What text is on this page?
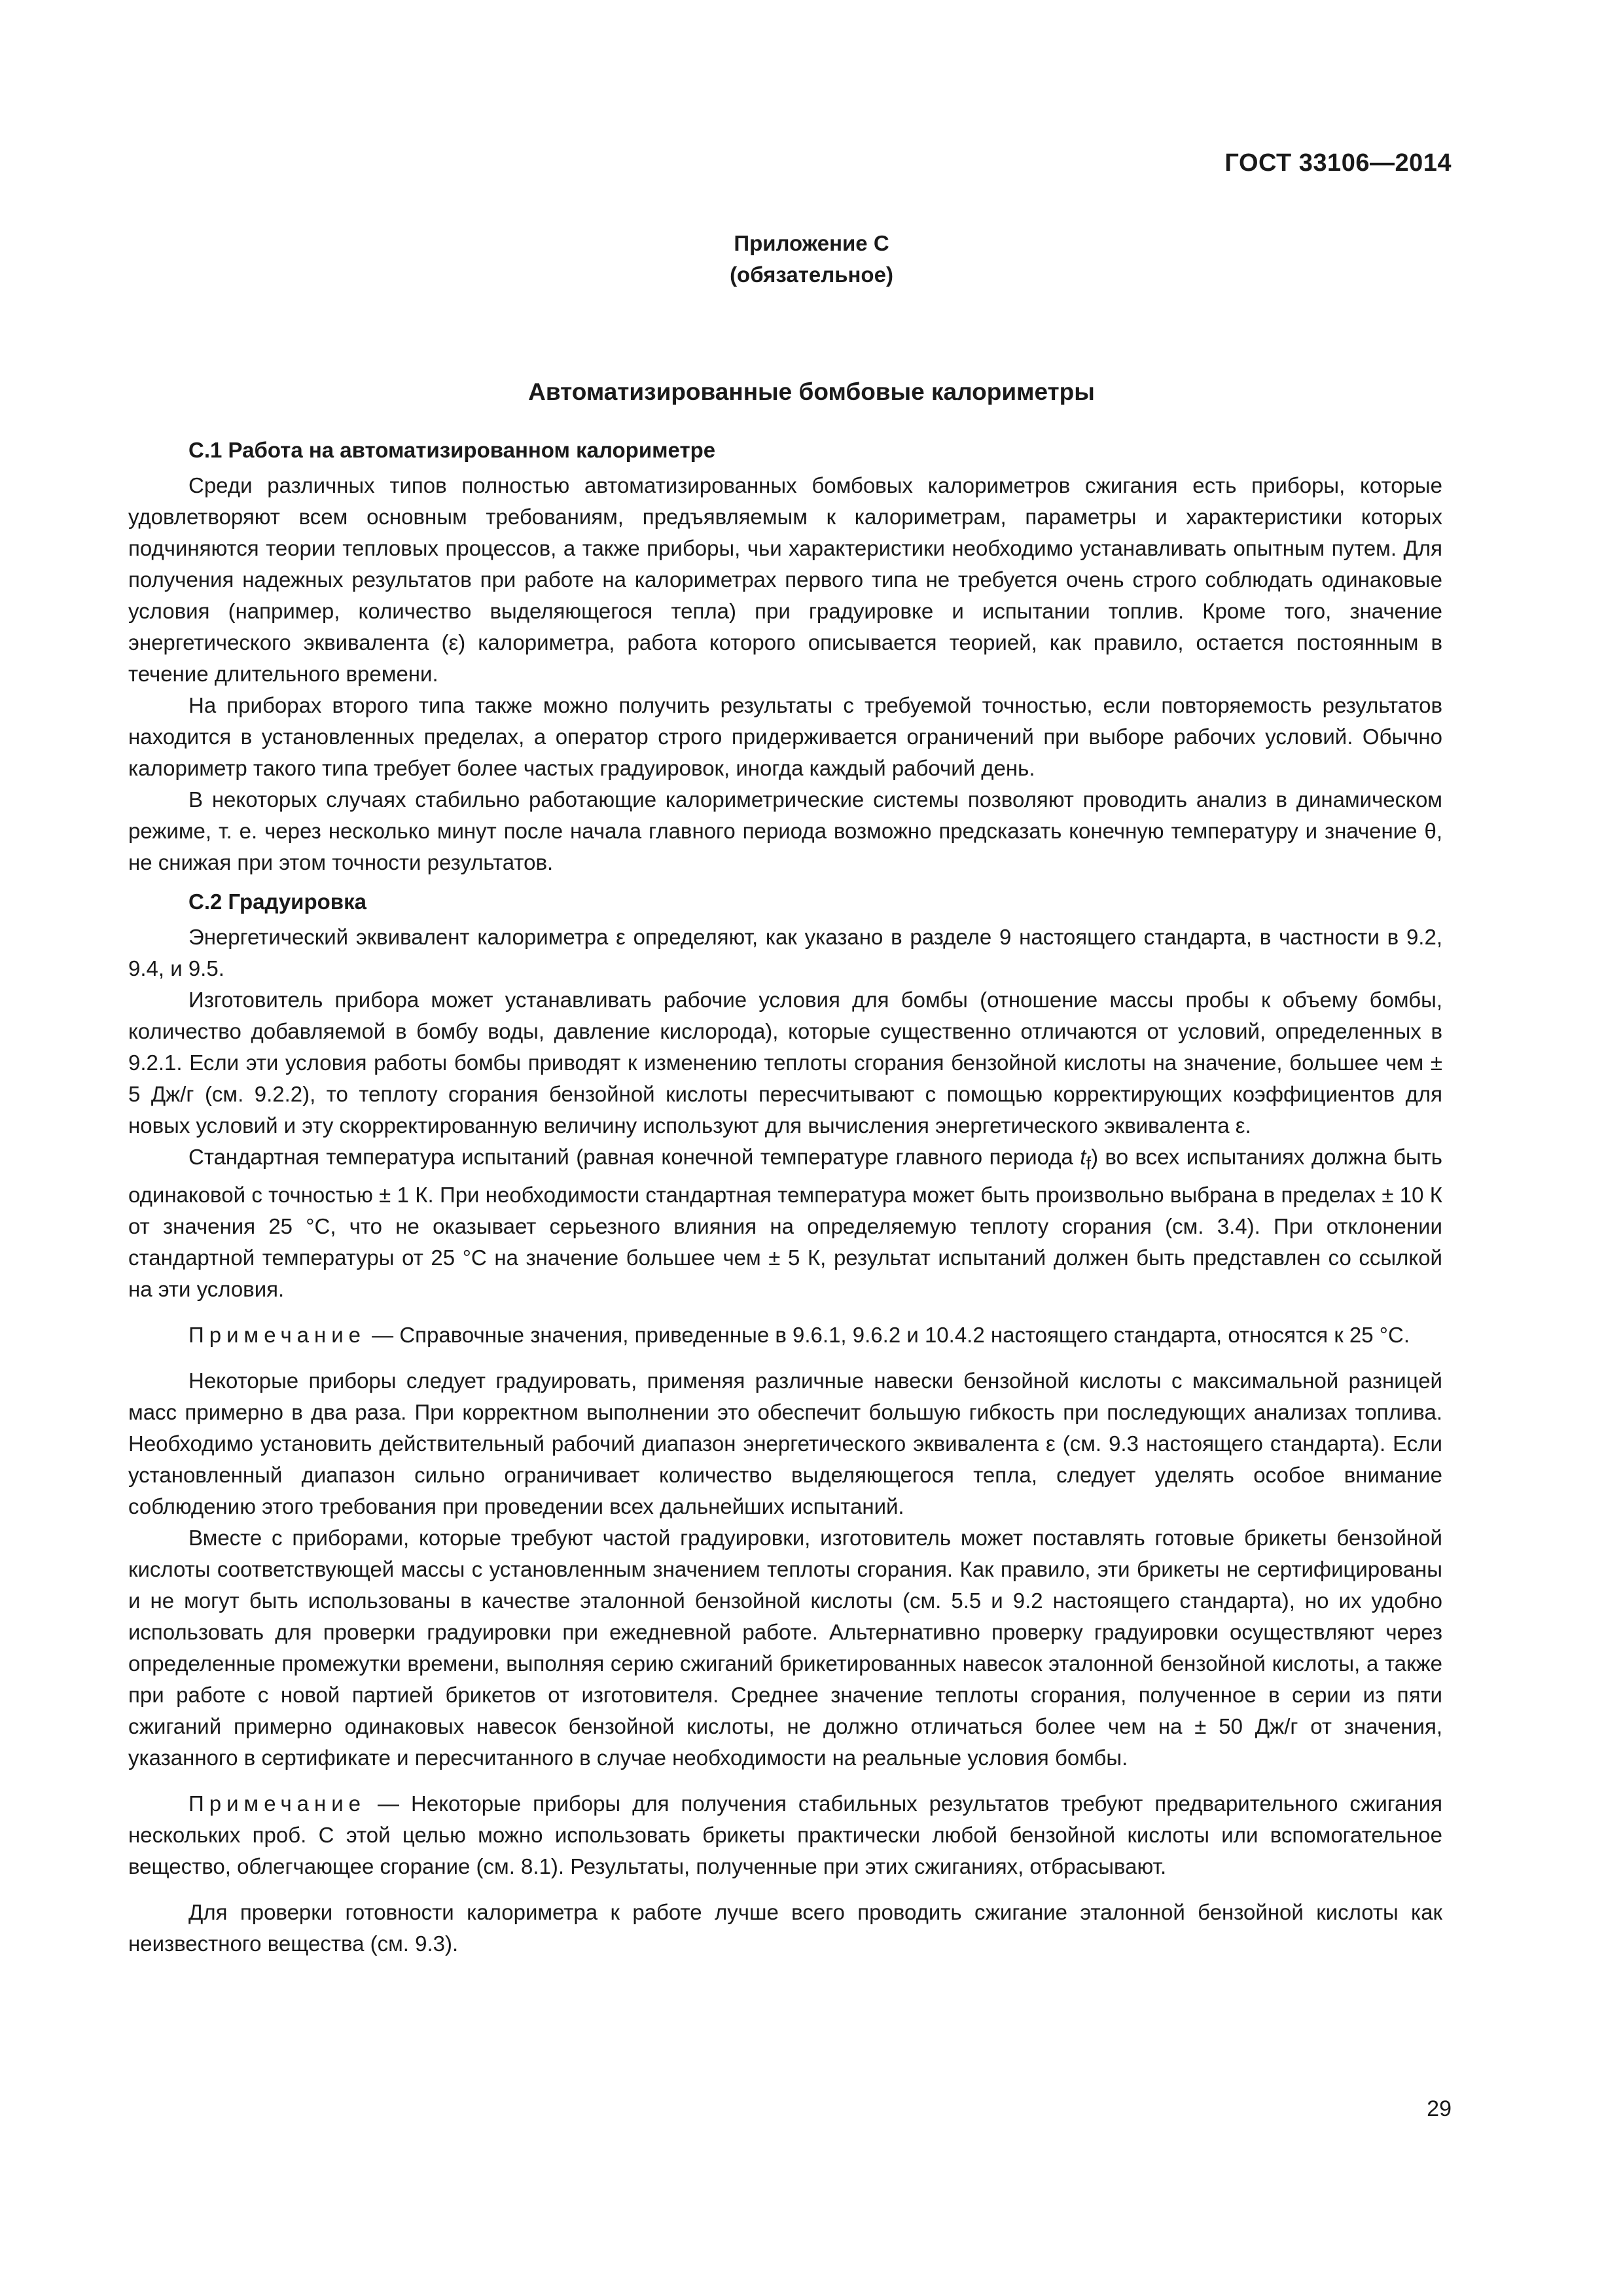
ГОСТ 33106—2014
Приложение С
(обязательное)
Автоматизированные бомбовые калориметры

С.1 Работа на автоматизированном калориметре

Среди различных типов полностью автоматизированных бомбовых калориметров сжигания есть приборы, которые удовлетворяют всем основным требованиям, предъявляемым к калориметрам, параметры и характеристики которых подчиняются теории тепловых процессов, а также приборы, чьи характеристики необходимо устанавливать опытным путем. Для получения надежных результатов при работе на калориметрах первого типа не требуется очень строго соблюдать одинаковые условия (например, количество выделяющегося тепла) при градуировке и испытании топлив. Кроме того, значение энергетического эквивалента (ε) калориметра, работа которого описывается теорией, как правило, остается постоянным в течение длительного времени.

На приборах второго типа также можно получить результаты с требуемой точностью, если повторяемость результатов находится в установленных пределах, а оператор строго придерживается ограничений при выборе рабочих условий. Обычно калориметр такого типа требует более частых градуировок, иногда каждый рабочий день.

В некоторых случаях стабильно работающие калориметрические системы позволяют проводить анализ в динамическом режиме, т. е. через несколько минут после начала главного периода возможно предсказать конечную температуру и значение θ, не снижая при этом точности результатов.

С.2 Градуировка

Энергетический эквивалент калориметра ε определяют, как указано в разделе 9 настоящего стандарта, в частности в 9.2, 9.4, и 9.5.

Изготовитель прибора может устанавливать рабочие условия для бомбы (отношение массы пробы к объему бомбы, количество добавляемой в бомбу воды, давление кислорода), которые существенно отличаются от условий, определенных в 9.2.1. Если эти условия работы бомбы приводят к изменению теплоты сгорания бензойной кислоты на значение, большее чем ± 5 Дж/г (см. 9.2.2), то теплоту сгорания бензойной кислоты пересчитывают с помощью корректирующих коэффициентов для новых условий и эту скорректированную величину используют для вычисления энергетического эквивалента ε.

Стандартная температура испытаний (равная конечной температуре главного периода $t_f$) во всех испытаниях должна быть одинаковой с точностью ± 1 К. При необходимости стандартная температура может быть произвольно выбрана в пределах ± 10 К от значения 25 °С, что не оказывает серьезного влияния на определяемую теплоту сгорания (см. 3.4). При отклонении стандартной температуры от 25 °С на значение большее чем ± 5 К, результат испытаний должен быть представлен со ссылкой на эти условия.

Примечание — Справочные значения, приведенные в 9.6.1, 9.6.2 и 10.4.2 настоящего стандарта, относятся к 25 °С.

Некоторые приборы следует градуировать, применяя различные навески бензойной кислоты с максимальной разницей масс примерно в два раза. При корректном выполнении это обеспечит большую гибкость при последующих анализах топлива. Необходимо установить действительный рабочий диапазон энергетического эквивалента ε (см. 9.3 настоящего стандарта). Если установленный диапазон сильно ограничивает количество выделяющегося тепла, следует уделять особое внимание соблюдению этого требования при проведении всех дальнейших испытаний.

Вместе с приборами, которые требуют частой градуировки, изготовитель может поставлять готовые брикеты бензойной кислоты соответствующей массы с установленным значением теплоты сгорания. Как правило, эти брикеты не сертифицированы и не могут быть использованы в качестве эталонной бензойной кислоты (см. 5.5 и 9.2 настоящего стандарта), но их удобно использовать для проверки градуировки при ежедневной работе. Альтернативно проверку градуировки осуществляют через определенные промежутки времени, выполняя серию сжиганий брикетированных навесок эталонной бензойной кислоты, а также при работе с новой партией брикетов от изготовителя. Среднее значение теплоты сгорания, полученное в серии из пяти сжиганий примерно одинаковых навесок бензойной кислоты, не должно отличаться более чем на ± 50 Дж/г от значения, указанного в сертификате и пересчитанного в случае необходимости на реальные условия бомбы.

Примечание — Некоторые приборы для получения стабильных результатов требуют предварительного сжигания нескольких проб. С этой целью можно использовать брикеты практически любой бензойной кислоты или вспомогательное вещество, облегчающее сгорание (см. 8.1). Результаты, полученные при этих сжиганиях, отбрасывают.

Для проверки готовности калориметра к работе лучше всего проводить сжигание эталонной бензойной кислоты как неизвестного вещества (см. 9.3).

29
